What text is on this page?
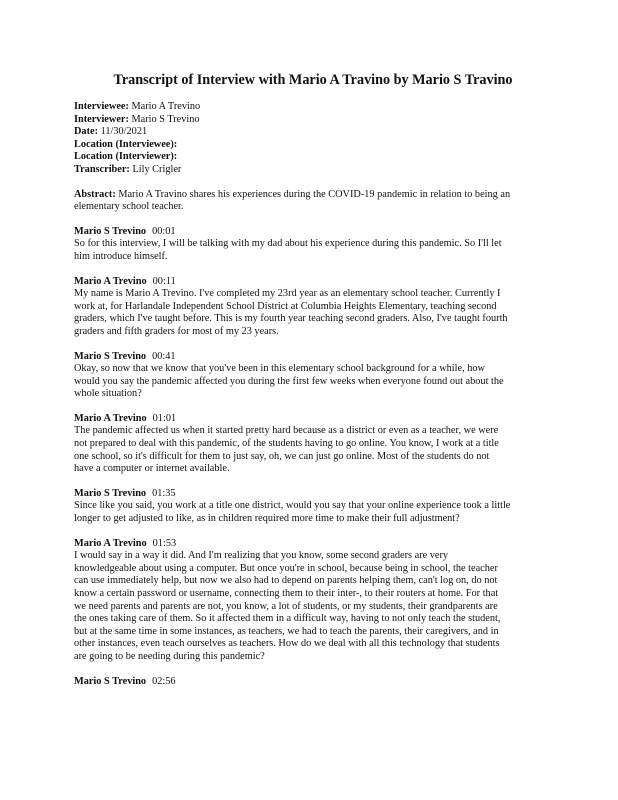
Transcript of Interview with Mario A Travino by Mario S Travino
Interviewee: Mario A Trevino
Interviewer: Mario S Trevino
Date: 11/30/2021
Location (Interviewee):
Location (Interviewer):
Transcriber: Lily Crigler
Abstract: Mario A Travino shares his experiences during the COVID-19 pandemic in relation to being an
elementary school teacher.
Mario S Trevino 00:01
So for this interview, I will be talking with my dad about his experience during this pandemic. So I'll let
him introduce himself.
Mario A Trevino 00:11
My name is Mario A Trevino. I've completed my 23rd year as an elementary school teacher. Currently I
work at, for Harlandale Independent School District at Columbia Heights Elementary, teaching second
graders, which I've taught before. This is my fourth year teaching second graders. Also, I've taught fourth
graders and fifth graders for most of my 23 years.
Mario S Trevino 00:41
Okay, so now that we know that you've been in this elementary school background for a while, how
would you say the pandemic affected you during the first few weeks when everyone found out about the
whole situation?
Mario A Trevino 01:01
The pandemic affected us when it started pretty hard because as a district or even as a teacher, we were
not prepared to deal with this pandemic, of the students having to go online. You know, I work at a title
one school, so it's difficult for them to just say, oh, we can just go online. Most of the students do not
have a computer or internet available.
Mario S Trevino 01:35
Since like you said, you work at a title one district, would you say that your online experience took a little
longer to get adjusted to like, as in children required more time to make their full adjustment?
Mario A Trevino 01:53
I would say in a way it did. And I'm realizing that you know, some second graders are very
knowledgeable about using a computer. But once you're in school, because being in school, the teacher
can use immediately help, but now we also had to depend on parents helping them, can't log on, do not
know a certain password or username, connecting them to their inter-, to their routers at home. For that
we need parents and parents are not, you know, a lot of students, or my students, their grandparents are
the ones taking care of them. So it affected them in a difficult way, having to not only teach the student,
but at the same time in some instances, as teachers, we had to teach the parents, their caregivers, and in
other instances, even teach ourselves as teachers. How do we deal with all this technology that students
are going to be needing during this pandemic?
Mario S Trevino 02:56
